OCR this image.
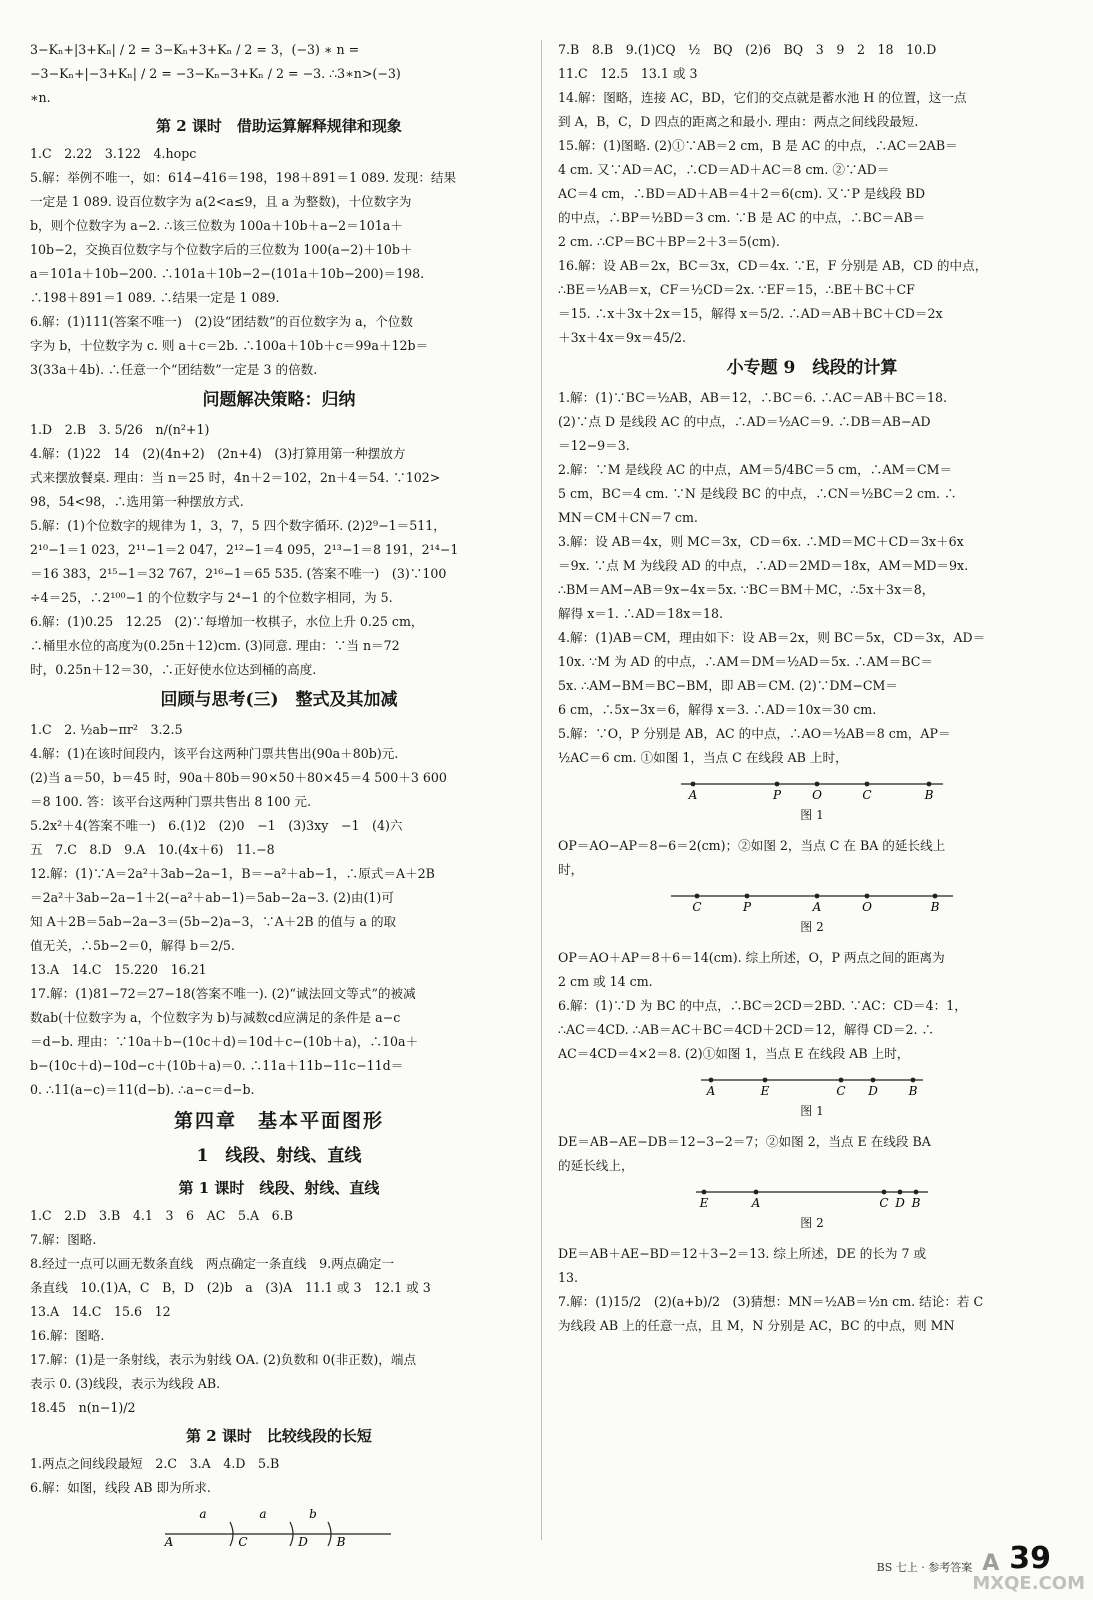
3−Kₙ+|3+Kₙ| / 2 = 3−Kₙ+3+Kₙ / 2 = 3，(−3) ∗ n =

−3−Kₙ+|−3+Kₙ| / 2 = −3−Kₙ−3+Kₙ / 2 = −3. ∴3∗n>(−3)

∗n.

第 2 课时　借助运算解释规律和现象

1.C　2.22　3.122　4.hopc

5.解：举例不唯一，如：614−416＝198，198＋891＝1 089. 发现：结果

一定是 1 089. 设百位数字为 a(2<a≤9，且 a 为整数)，十位数字为

b，则个位数字为 a−2. ∴该三位数为 100a＋10b＋a−2＝101a＋

10b−2，交换百位数字与个位数字后的三位数为 100(a−2)＋10b＋

a＝101a＋10b−200. ∴101a＋10b−2−(101a＋10b−200)＝198.

∴198＋891＝1 089. ∴结果一定是 1 089.

6.解：(1)111(答案不唯一)　(2)设“团结数”的百位数字为 a，个位数

字为 b，十位数字为 c. 则 a＋c＝2b. ∴100a＋10b＋c＝99a＋12b＝

3(33a＋4b). ∴任意一个“团结数”一定是 3 的倍数.

问题解决策略：归纳

1.D　2.B　3. 5/26　n/(n²+1)

4.解：(1)22　14　(2)(4n+2)　(2n+4)　(3)打算用第一种摆放方

式来摆放餐桌. 理由：当 n＝25 时，4n＋2＝102，2n＋4＝54. ∵102>

98，54<98，∴选用第一种摆放方式.

5.解：(1)个位数字的规律为 1，3，7，5 四个数字循环. (2)2⁹−1＝511，

2¹⁰−1＝1 023，2¹¹−1＝2 047，2¹²−1＝4 095，2¹³−1＝8 191，2¹⁴−1

＝16 383，2¹⁵−1＝32 767，2¹⁶−1＝65 535. (答案不唯一)　(3)∵100

÷4＝25，∴2¹⁰⁰−1 的个位数字与 2⁴−1 的个位数字相同，为 5.

6.解：(1)0.25　12.25　(2)∵每增加一枚棋子，水位上升 0.25 cm，

∴桶里水位的高度为(0.25n＋12)cm. (3)同意. 理由：∵当 n＝72

时，0.25n＋12＝30，∴正好使水位达到桶的高度.

回顾与思考(三)　整式及其加减

1.C　2. ½ab−πr²　3.2.5

4.解：(1)在该时间段内，该平台这两种门票共售出(90a＋80b)元.

(2)当 a＝50，b＝45 时，90a＋80b＝90×50＋80×45＝4 500＋3 600

＝8 100. 答：该平台这两种门票共售出 8 100 元.

5.2x²＋4(答案不唯一)　6.(1)2　(2)0　−1　(3)3xy　−1　(4)六

五　7.C　8.D　9.A　10.(4x＋6)　11.−8

12.解：(1)∵A＝2a²＋3ab−2a−1，B＝−a²＋ab−1，∴原式＝A＋2B

＝2a²＋3ab−2a−1＋2(−a²＋ab−1)＝5ab−2a−3. (2)由(1)可

知 A＋2B＝5ab−2a−3＝(5b−2)a−3，∵A＋2B 的值与 a 的取

值无关，∴5b−2＝0，解得 b＝2/5.

13.A　14.C　15.220　16.21

17.解：(1)81−72＝27−18(答案不唯一). (2)“诚法回文等式”的被减

数ab(十位数字为 a，个位数字为 b)与减数cd应满足的条件是 a−c

＝d−b. 理由：∵10a＋b−(10c＋d)＝10d＋c−(10b＋a)，∴10a＋

b−(10c＋d)−10d−c＋(10b＋a)＝0. ∴11a＋11b−11c−11d＝

0. ∴11(a−c)＝11(d−b). ∴a−c＝d−b.

第四章　基本平面图形
1　线段、射线、直线
第 1 课时　线段、射线、直线

1.C　2.D　3.B　4.1　3　6　AC　5.A　6.B

7.解：图略.

8.经过一点可以画无数条直线　两点确定一条直线　9.两点确定一

条直线　10.(1)A，C　B，D　(2)b　a　(3)A　11.1 或 3　12.1 或 3

13.A　14.C　15.6　12

16.解：图略.

17.解：(1)是一条射线，表示为射线 OA. (2)负数和 0(非正数)，端点

表示 0. (3)线段，表示为线段 AB.

18.45　n(n−1)/2

第 2 课时　比较线段的长短

1.两点之间线段最短　2.C　3.A　4.D　5.B

6.解：如图，线段 AB 即为所求.

a	a	b
A	C	D B

7.B　8.B　9.(1)CQ　½　BQ　(2)6　BQ　3　9　2　18　10.D

11.C　12.5　13.1 或 3

14.解：图略，连接 AC，BD，它们的交点就是蓄水池 H 的位置，这一点

到 A，B，C，D 四点的距离之和最小. 理由：两点之间线段最短.

15.解：(1)图略. (2)①∵AB＝2 cm，B 是 AC 的中点，∴AC＝2AB＝

4 cm. 又∵AD＝AC，∴CD＝AD＋AC＝8 cm. ②∵AD＝

AC＝4 cm，∴BD＝AD＋AB＝4＋2＝6(cm). 又∵P 是线段 BD

的中点，∴BP＝½BD＝3 cm. ∵B 是 AC 的中点，∴BC＝AB＝

2 cm. ∴CP＝BC＋BP＝2＋3＝5(cm).

16.解：设 AB＝2x，BC＝3x，CD＝4x. ∵E，F 分别是 AB，CD 的中点，

∴BE＝½AB＝x，CF＝½CD＝2x. ∵EF＝15，∴BE＋BC＋CF

＝15. ∴x＋3x＋2x＝15，解得 x＝5/2. ∴AD＝AB＋BC＋CD＝2x

＋3x＋4x＝9x＝45/2.

小专题 9　线段的计算

1.解：(1)∵BC＝½AB，AB＝12，∴BC＝6. ∴AC＝AB＋BC＝18.

(2)∵点 D 是线段 AC 的中点，∴AD＝½AC＝9. ∴DB＝AB−AD

＝12−9＝3.

2.解：∵M 是线段 AC 的中点，AM＝5/4BC＝5 cm，∴AM＝CM＝

5 cm，BC＝4 cm. ∵N 是线段 BC 的中点，∴CN＝½BC＝2 cm. ∴

MN＝CM＋CN＝7 cm.

3.解：设 AB＝4x，则 MC＝3x，CD＝6x. ∴MD＝MC＋CD＝3x＋6x

＝9x. ∵点 M 为线段 AD 的中点，∴AD＝2MD＝18x，AM＝MD＝9x.

∴BM＝AM−AB＝9x−4x＝5x. ∵BC＝BM＋MC，∴5x＋3x＝8，

解得 x＝1. ∴AD＝18x＝18.

4.解：(1)AB＝CM，理由如下：设 AB＝2x，则 BC＝5x，CD＝3x，AD＝

10x. ∵M 为 AD 的中点，∴AM＝DM＝½AD＝5x. ∴AM＝BC＝

5x. ∴AM−BM＝BC−BM，即 AB＝CM. (2)∵DM−CM＝

6 cm，∴5x−3x＝6，解得 x＝3. ∴AD＝10x＝30 cm.

5.解：∵O，P 分别是 AB，AC 的中点，∴AO＝½AB＝8 cm，AP＝

½AC＝6 cm. ①如图 1，当点 C 在线段 AB 上时，

A	P	O	C	B
图 1

OP＝AO−AP＝8−6＝2(cm)；②如图 2，当点 C 在 BA 的延长线上

时，

C	P	A	O	B
图 2

OP＝AO＋AP＝8＋6＝14(cm). 综上所述，O，P 两点之间的距离为

2 cm 或 14 cm.

6.解：(1)∵D 为 BC 的中点，∴BC＝2CD＝2BD. ∵AC：CD＝4：1，

∴AC＝4CD. ∴AB＝AC＋BC＝4CD＋2CD＝12，解得 CD＝2. ∴

AC＝4CD＝4×2＝8. (2)①如图 1，当点 E 在线段 AB 上时，

A	E	C D	B
图 1

DE＝AB−AE−DB＝12−3−2＝7；②如图 2，当点 E 在线段 BA

的延长线上，

E	A	C D B
图 2

DE＝AB＋AE−BD＝12＋3−2＝13. 综上所述，DE 的长为 7 或

13.

7.解：(1)15/2　(2)(a+b)/2　(3)猜想：MN＝½AB＝½n cm. 结论：若 C

为线段 AB 上的任意一点，且 M，N 分别是 AC，BC 的中点，则 MN

BS 七上 · 参考答案 A 39
MXQE.COM
